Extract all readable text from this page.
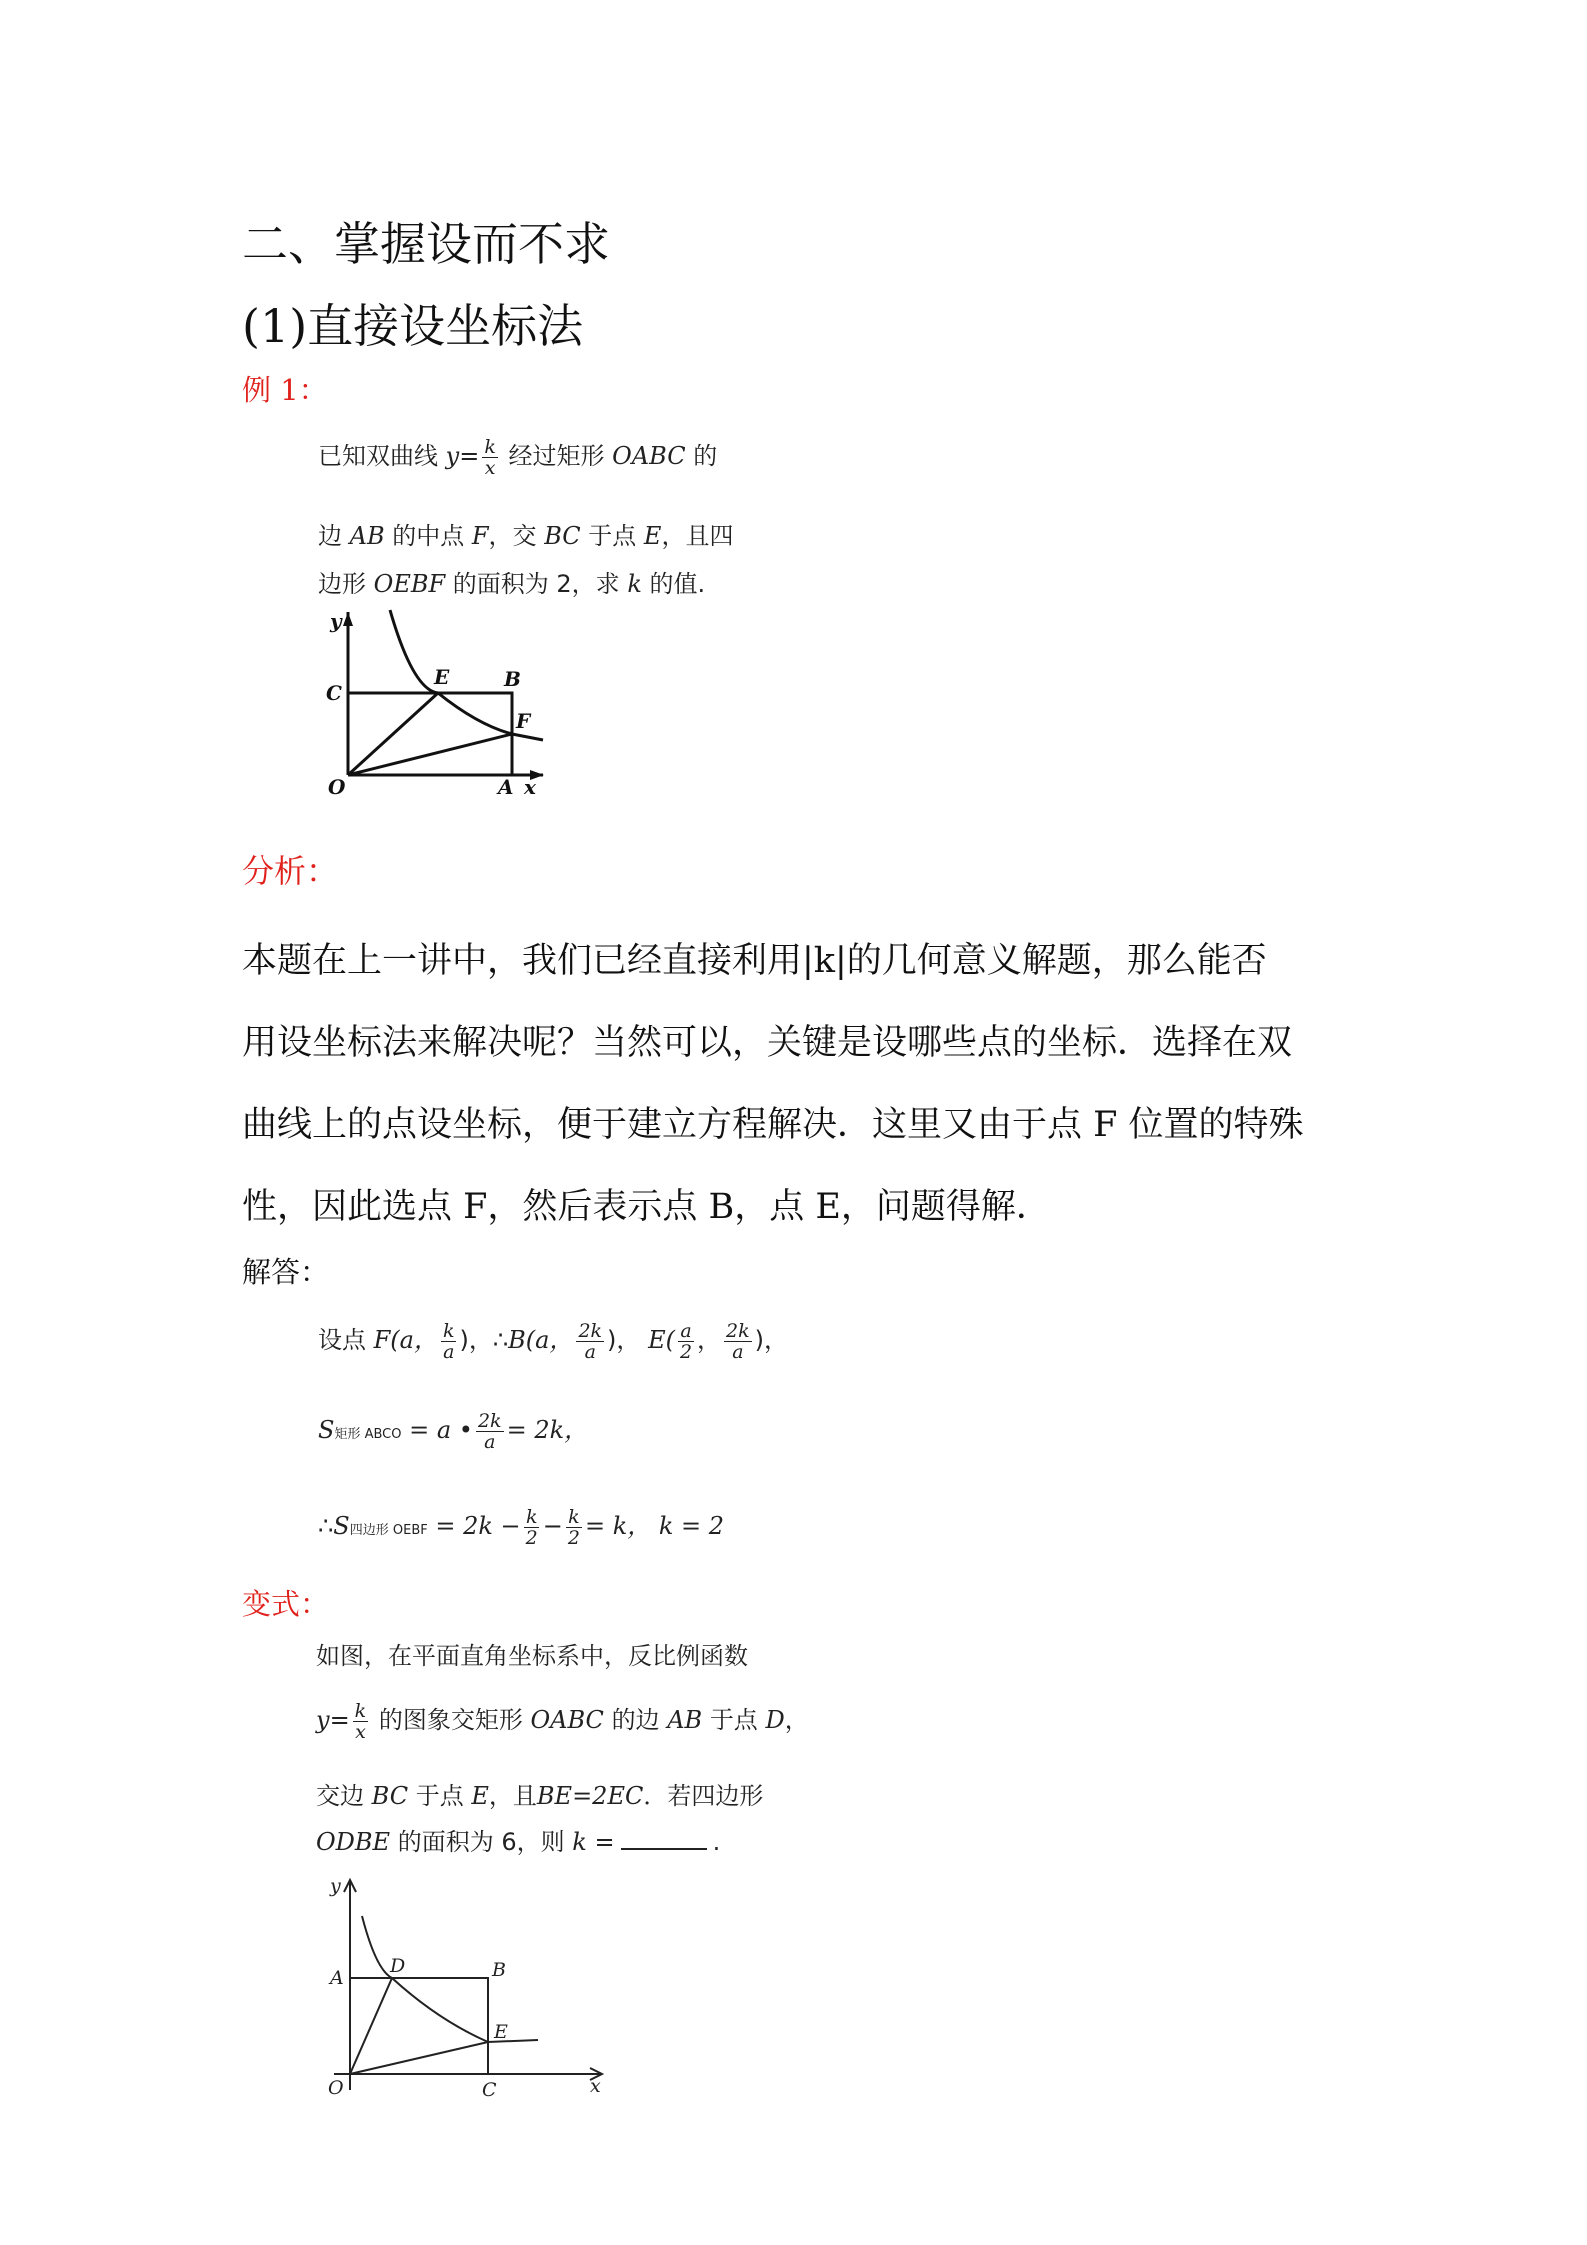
二、掌握设而不求
(1)直接设坐标法
例 1：
已知双曲线 $y= \frac{k}{x}$ 经过矩形 OABC 的
边 AB 的中点 F，交 BC 于点 E，且四
边形 OEBF 的面积为 2，求 k 的值.
y
x
O	A
B
C
E
F
分析：
本题在上一讲中，我们已经直接利用|k|的几何意义解题，那么能否
用设坐标法来解决呢？当然可以，关键是设哪些点的坐标．选择在双
曲线上的点设坐标，便于建立方程解决．这里又由于点 F 位置的特殊
性，因此选点 F，然后表示点 B，点 E，问题得解．
解答：
设点 F(a， $\frac{k}{a}$ )，∴B(a， $\frac{2k}{a}$ )， $E( \frac{a}{2}$ ， $\frac{2k}{a}$ )，
S矩形 ABCO = a • $\frac{2k}{a} = 2k$，
∴S四边形 OEBF = $2k - \frac{k}{2} - \frac{k}{2} = k$， k = 2
变式：
如图，在平面直角坐标系中，反比例函数
$y= \frac{k}{x}$ 的图象交矩形 OABC 的边 AB 于点 D，
交边 BC 于点 E，且BE=2EC．若四边形
ODBE 的面积为 6，则 k =	.
y
x
O
A	B
C
D
E
